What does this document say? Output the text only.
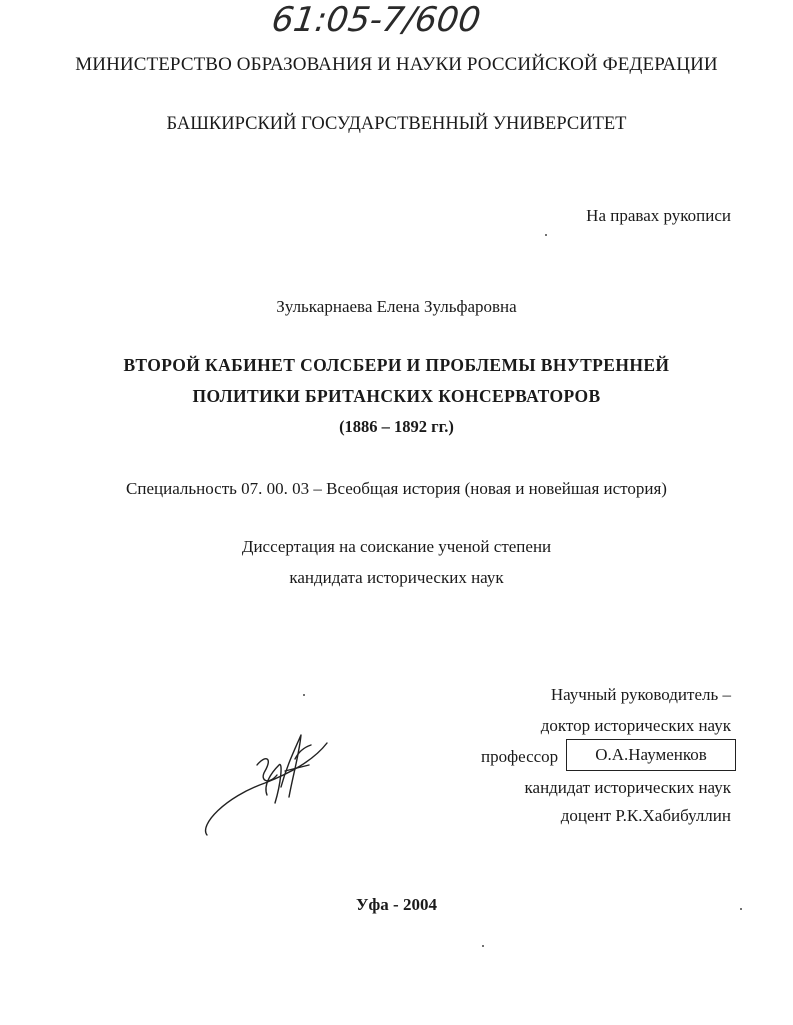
61:05-7/600
МИНИСТЕРСТВО ОБРАЗОВАНИЯ И НАУКИ РОССИЙСКОЙ ФЕДЕРАЦИИ
БАШКИРСКИЙ ГОСУДАРСТВЕННЫЙ УНИВЕРСИТЕТ
На правах рукописи
Зулькарнаева Елена Зульфаровна
ВТОРОЙ КАБИНЕТ СОЛСБЕРИ И ПРОБЛЕМЫ ВНУТРЕННЕЙ
ПОЛИТИКИ БРИТАНСКИХ КОНСЕРВАТОРОВ
(1886 – 1892 гг.)
Специальность 07. 00. 03 – Всеобщая история (новая и новейшая история)
Диссертация на соискание ученой степени
кандидата исторических наук
Научный руководитель –
доктор исторических наук
профессор	О.А.Науменков
кандидат исторических наук
доцент Р.К.Хабибуллин
Уфа - 2004
